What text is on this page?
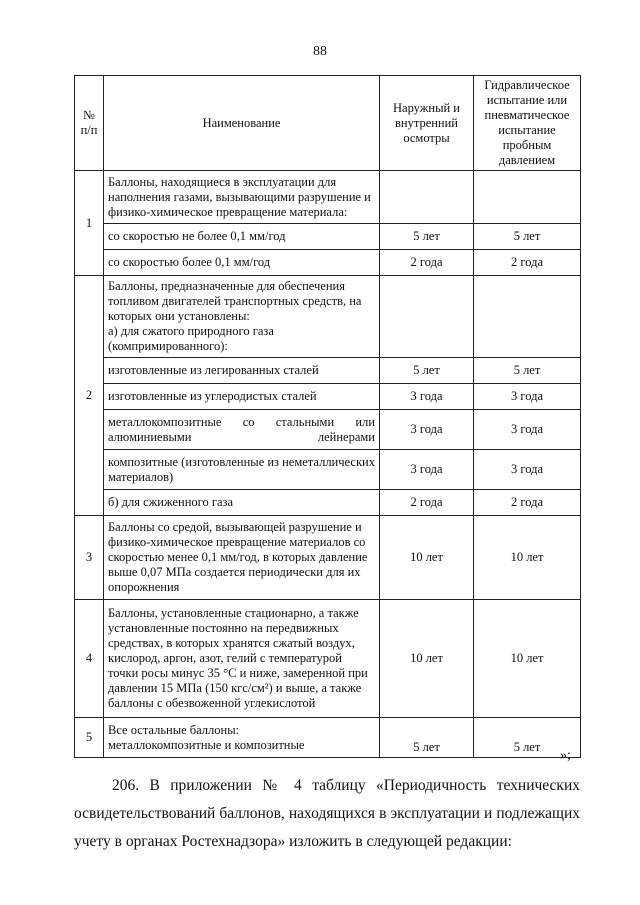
88
№ п/п	Наименование	Наружный и внутренний осмотры	Гидравлическое испытание или пневматическое испытание пробным давлением
1	Баллоны, находящиеся в эксплуатации для наполнения газами, вызывающими разрушение и физико-химическое превращение материала:		
	со скоростью не более 0,1 мм/год	5 лет	5 лет
	со скоростью более 0,1 мм/год	2 года	2 года
2	Баллоны, предназначенные для обеспечения топливом двигателей транспортных средств, на которых они установлены:
а) для сжатого природного газа (компримированного):		
	изготовленные из легированных сталей	5 лет	5 лет
	изготовленные из углеродистых сталей	3 года	3 года
	металлокомпозитные со стальными или алюминиевыми лейнерами	3 года	3 года
	композитные (изготовленные из неметаллических материалов)	3 года	3 года
	б) для сжиженного газа	2 года	2 года
3	Баллоны со средой, вызывающей разрушение и физико-химическое превращение материалов со скоростью менее 0,1 мм/год, в которых давление выше 0,07 МПа создается периодически для их опорожнения	10 лет	10 лет
4	Баллоны, установленные стационарно, а также установленные постоянно на передвижных средствах, в которых хранятся сжатый воздух, кислород, аргон, азот, гелий с температурой точки росы минус 35 °С и ниже, замеренной при давлении 15 МПа (150 кгс/см²) и выше, а также баллоны с обезвоженной углекислотой	10 лет	10 лет
5	Все остальные баллоны:
металлокомпозитные и композитные	5 лет	5 лет
»;
206. В приложении № 4 таблицу «Периодичность технических
освидетельствований баллонов, находящихся в эксплуатации и подлежащих
учету в органах Ростехнадзора» изложить в следующей редакции:
